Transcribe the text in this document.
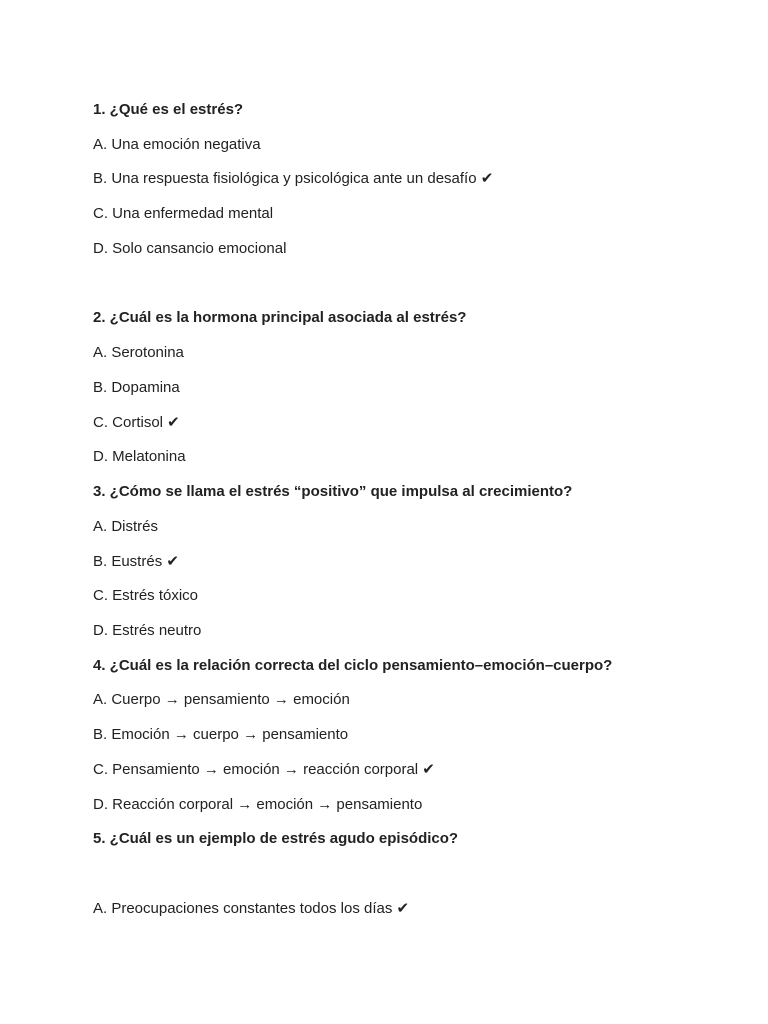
1. ¿Qué es el estrés?
A. Una emoción negativa
B. Una respuesta fisiológica y psicológica ante un desafío ✔
C. Una enfermedad mental
D. Solo cansancio emocional
2. ¿Cuál es la hormona principal asociada al estrés?
A. Serotonina
B. Dopamina
C. Cortisol ✔
D. Melatonina
3. ¿Cómo se llama el estrés “positivo” que impulsa al crecimiento?
A. Distrés
B. Eustrés ✔
C. Estrés tóxico
D. Estrés neutro
4. ¿Cuál es la relación correcta del ciclo pensamiento–emoción–cuerpo?
A. Cuerpo → pensamiento → emoción
B. Emoción → cuerpo → pensamiento
C. Pensamiento → emoción → reacción corporal ✔
D. Reacción corporal → emoción → pensamiento
5. ¿Cuál es un ejemplo de estrés agudo episódico?
A. Preocupaciones constantes todos los días ✔
